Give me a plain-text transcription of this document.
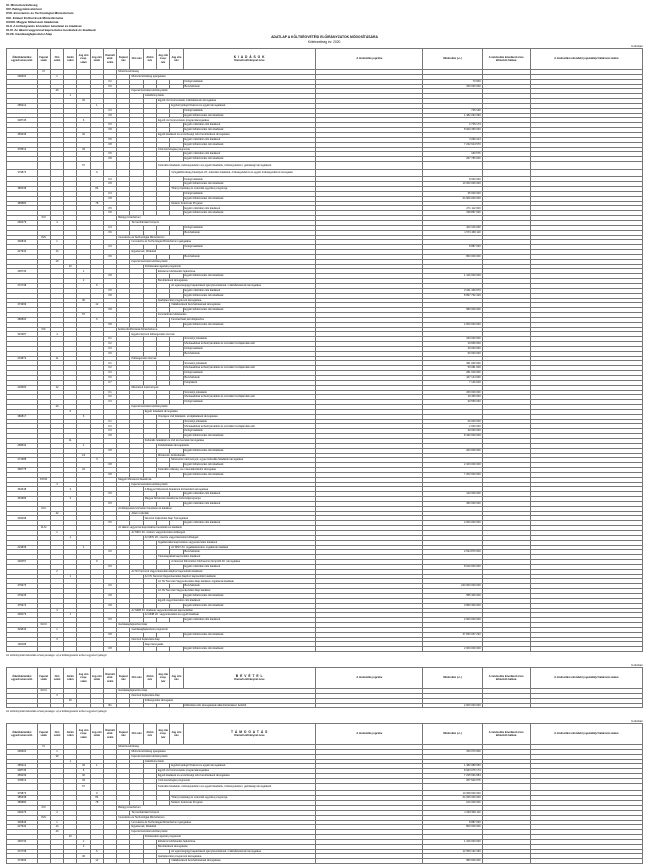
XI. Miniszterelnökség
XIV. Belügyminisztérium
XVII. Innovációs és Technológiai Minisztérium
XIX. Emberi Erőforrások Minisztériuma
XXXIII. Magyar Művészeti Akadémia
XLII. A költségvetés közvetlen bevételei és kiadásai
XLIV. Az állami vagyonnal kapcsolatos bevételek és kiadások
XLVII. Gazdaságfejlesztési Alap
ADATLAP A KÖLTSÉGVETÉSI ELŐIRÁNYZATOK MÓDOSÍTÁSÁRA
Kötelezettség év: 2020.
forintban
Államháztartási egyedi azonosító	Fejezet szám	Cím szám	Alcím szám	Jog cím csop. szám	Jog cím szám	Kiemelt előir. szám	Fejezet név	Cím név	Alcím név	Jog cím csop. név	Jog cím név	K I A D Á S O K
Kiemelt előirányzat neve	A módosítás jogcíme	Módosítás (+/-)	A módosítás következő évre áthúzódó hatása	A módosítást elrendelő jogszabály/ határozat száma
	XI.						Miniszterelnökség									
296602		1						Miniszterelnökség igazgatása								
						K2						Dologi kiadások		70 900		
						K6						Beruházások		150 000 000		
		30						Fejezeti kezelésű előirányzatok								
			1						Célelőirányzatok							
				32						Egyéb civil szervezetek működésének támogatása						
285212					1						Egyházi jellegű fővárosi és egyéb támogatások					
						K3						Dologi kiadások		725 160		
						K8						Egyéb felhalmozási célú kiadások		1 482 264 390		
338745				6						Egyéb civil szervezetek programtámogatása						
						K5						Egyéb működési célú kiadások		2 725 173		
						K8						Egyéb felhalmozási célú kiadások		8 920 350 000		
359039				32						Egyéb kiadások és a közösségi célú beruházások támogatása						
						K5						Egyéb működési célú kiadások		3 069 414		
						K8						Egyéb felhalmozási célú kiadások		7 232 624 570		
378513				33						Civil összefogás programok						
						K5						Egyéb működési célú kiadások		160 576		
						K8						Egyéb felhalmozási célú kiadások		257 780 000		
				67						Kulturális feladatok, örökségvédelem és egyéb feladatok, örökségvédelmi, gazdasági támogatások						
379873					9						Vizsgálóbizottság Kastélyok 2X, kulturális feladatok, örökségvédelmi és egyéb örökségvédelmi támogatás					
						K3						Dologi kiadások		8 000 000		
						K8						Egyéb felhalmozási célú kiadások		10 000 000 000		
385338					84						Tihanyi Apátság és műemlék együttes programja					
						K3						Dologi kiadások		35 000 000		
						K8						Egyéb felhalmozási célú kiadások		64 900 000 000		
385880					78						Modern Kolozsvár Program					
						K5						Egyéb működési célú kiadások		271 112 000		
						K8						Egyéb felhalmozási célú kiadások		338 897 000		
	XIV.						Belügyminisztérium									
296479		4						Terrorelhárítási Központ								
						K3						Dologi kiadások		420 100 000		
						K6						Beruházások		1 574 490 110		
	XVII.						Innovációs és Technológiai Minisztérium									
330846		1						Innovációs és Technológiai Minisztérium igazgatása								
						K3						Dologi kiadások		8 887 000		
227942		14						Egyetemek, főiskolák								
						K6						Beruházások		800 000 000		
		20						Fejezeti kezelésű előirányzatok								
			22						Közlekedési ágazati programok							
296736				1						Elővárosi közlekedés fejlesztése						
						K8						Egyéb felhalmozási célú kiadások		1 416 000 000		
				2						Beruházások támogatása						
372738					6						Az egészségügyi kapacitások igénybevételének, működtetésének támogatása					
						K5						Egyéb működési célú kiadások		3 161 429 970		
						K8						Egyéb felhalmozási célú kiadások		8 897 762 420		
				30						Iparfejlesztési programok támogatása						
373999					12						Vállalkozások beruházásainak támogatása					
						K8						Egyéb felhalmozási célú kiadások		980 000 000		
				57						Fenntartható közlekedés						
380800					6						Fenntartható járműfejlesztés					
						K8						Egyéb felhalmozási célú kiadások		2 000 000 000		
	XIX.						Emberi Erőforrások Minisztériuma									
315387		4						Egyéb központi költségvetési szervek								
						K1						Személyi juttatások		150 000 000		
						K2						Munkaadókat terhelő járulékok és szociális hozzájárulási adó		19 650 000		
						K3						Dologi kiadások		40 000 000		
						K6						Beruházások		90 000 000		
219872		11						Költségvetési szervek								
						K1						Személyi juttatások		451 000 000		
						K2						Munkaadókat terhelő járulékok és szociális hozzájárulási adó		59 081 000		
						K3						Dologi kiadások		281 919 000		
						K6						Beruházások		447 144 000		
						K7						Felújítások		7 146 000		
218600		12						Művészeti intézmények								
						K1						Személyi juttatások		150 000 000		
						K2						Munkaadókat terhelő járulékok és szociális hozzájárulási adó		19 450 000		
						K3						Dologi kiadások		30 550 000		
		20						Fejezeti kezelésű előirányzatok								
			6						Egyéb feladatok támogatása							
380817				6						Országos civil feladatok, szolgáltatások támogatása						
						K1						Személyi juttatások		20 000 000		
						K2						Munkaadókat terhelő járulékok és szociális hozzájárulási adó		2 000 000		
						K3						Dologi kiadások		30 000 000		
						K8						Egyéb felhalmozási célú kiadások		8 430 000 000		
			11						Kulturális feladatok és civil szervezetek támogatása							
268632				1						Felsőoktatási támogatások						
						K8						Egyéb felhalmozási célú kiadások		200 000 000		
				13						Művészeti, közkulturális						
271688					3						Művészeti intézmények, egyes kulturális feladatok támogatása					
						K8						Egyéb felhalmozási célú kiadások		2 100 000 000		
368778				24						Kulturális örökség- és műemlékvédelmi támogatás						
						K8						Egyéb felhalmozási célú kiadások		7 200 000 000		
	XXXIII.						Magyar Művészeti Akadémia									
		4						Fejezeti kezelésű előirányzatok								
363648			3						A Magyar Művészeti Akadémia köztestületi támogatása							
						K5						Egyéb működési célú kiadások		140 000 000		
363686			2						Magyar Művészeti Akadémia ösztöndíjprogramja							
						K5						Egyéb működési célú kiadások		450 000 000		
	XLII.						A költségvetés közvetlen bevételei és kiadásai									
		42						Állami számlák								
339098									Nemzeti Fejlesztési Alap Támogatása							
						K5						Egyéb működési célú kiadások		2 000 000 000		
	XLIV.						Az állami vagyonnal kapcsolatos bevételek és kiadások									
		1						Az MNV Zrt. részére vagyonkezelési költségek								
			1						Az MNV Zrt. részére vagyonkezelési költségek							
										Ingatlanokkal kapcsolatos vagyonkezelési kiadások						
223839				1							Az MNV Zrt. ingatlankezelési, ingatlanok kiadásai					
						K6						Beruházások		2 634 870 000		
										Társaságokkal kapcsolatos kiadások						
230057					9						A Nemzeti Filmintézet Közhasznú Nonprofit Zrt. támogatása					
						K5						Egyéb működési célú kiadások		8 910 000 000		
		2						Az NV Nemzeti Vagyonkezelési Alaphoz kapcsolódó kiadások								
			1						Az NV Nemzeti Vagyonkezelési Alaphoz kapcsolódó kiadások							
										Az NV Nemzeti Vagyonkezelési Alap kiadásai, ingatlanok kiadásai						
375373						K6						Beruházások		243 000 000 000		
										Az NV Nemzeti Vagyonkezelési Alap kiadásai						
379235						K8						Egyéb felhalmozási célú kiadások		585 400 000		
										Egyéb vagyonkezelési célú kiadások						
375372						K8						Egyéb felhalmozási célú kiadások		3 860 300 000		
		4						Az MNB Zrt. kiadásai vagyonkezeléssel kapcsolatban								
296073			1						Az MNB Zrt. vagyonkezelési és egyéb kiadásai							
						K5						Egyéb működési célú kiadások		2 000 000 000		
	XLVII.						Gazdaságfejlesztési Alap									
329846		1						Gazdaságfejlesztési programok								
						K8						Egyéb felhalmozási célú kiadások		37 830 067 262		
		3						Nemzeti Fejlesztési Alap								
199188									Alapi támogatás							
						K8						Egyéb felhalmozási célú kiadások		2 000 000 000		
Az előirányzatmódosítás érvényessége: a) a költségvetési évben egyszeri jellegű
forintban
Államháztartási egyedi azonosító	Fejezet szám	Cím szám	Alcím szám	Jog cím csop. szám	Jog cím szám	Kiemelt előir. szám	Fejezet név	Cím név	Alcím név	Jog cím csop. név	Jog cím név	B E V É T E L
Kiemelt előirányzat neve	A módosítás jogcíme	Módosítás (+/-)	A módosítás következő évre áthúzódó hatása	A módosítást elrendelő jogszabály/ határozat száma
	XLVII.						Gazdaságfejlesztési Alap									
		3						Nemzeti Fejlesztési Alap								
			30						Költségvetési támogatás							
						B1						Működési célú támogatások államháztartáson belülről		2 000 000 000		
Az előirányzatmódosítás érvényessége: a) a költségvetési évben egyszeri jellegű
forintban
Államháztartási egyedi azonosító	Fejezet szám	Cím szám	Alcím szám	Jog cím csop. szám	Jog cím szám	Kiemelt előir. szám	Fejezet név	Cím név	Alcím név	Jog cím csop. név	Jog cím név	T Á M O G A T Á S
Kiemelt előirányzat neve	A módosítás jogcíme	Módosítás (+/-)	A módosítás következő évre áthúzódó hatása	A módosítást elrendelő jogszabály/ határozat száma
	XI.						Miniszterelnökség									
296602		1						Miniszterelnökség igazgatása						150 070 900		
		30						Fejezeti kezelésű előirányzatok								
			1						Célelőirányzatok							
285212				32	1						Egyházi jellegű fővárosi és egyéb támogatások			1 482 989 550		
338745				6						Egyéb civil szervezetek programtámogatása				8 923 075 173		
359039				32						Egyéb kiadások és a közösségi célú beruházások támogatása				7 235 693 984		
378513				33						Civil összefogás programok				257 940 576		
				67						Kulturális feladatok, örökségvédelem és egyéb feladatok, örökségvédelmi, gazdasági támogatások						
379873					9									10 008 000 000		
385338					84						Tihanyi Apátság és műemlék együttes programja			64 935 000 000		
385880					78						Modern Kolozsvár Program			610 009 000		
	XIV.						Belügyminisztérium									
296479		4						Terrorelhárítási Központ						1 994 590 110		
	XVII.						Innovációs és Technológiai Minisztérium									
330846		1						Innovációs és Technológiai Minisztérium igazgatása						8 887 000		
227942		14						Egyetemek, főiskolák						800 000 000		
		20						Fejezeti kezelésű előirányzatok								
			22						Közlekedési ágazati programok							
296736				1						Elővárosi közlekedés fejlesztése				1 416 000 000		
				2						Beruházások támogatása						
372738					6						Az egészségügyi kapacitások igénybevételének, működtetésének támogatása			12 059 192 390		
				30						Iparfejlesztési programok támogatása						
373999					12						Vállalkozások beruházásainak támogatása			980 000 000		
